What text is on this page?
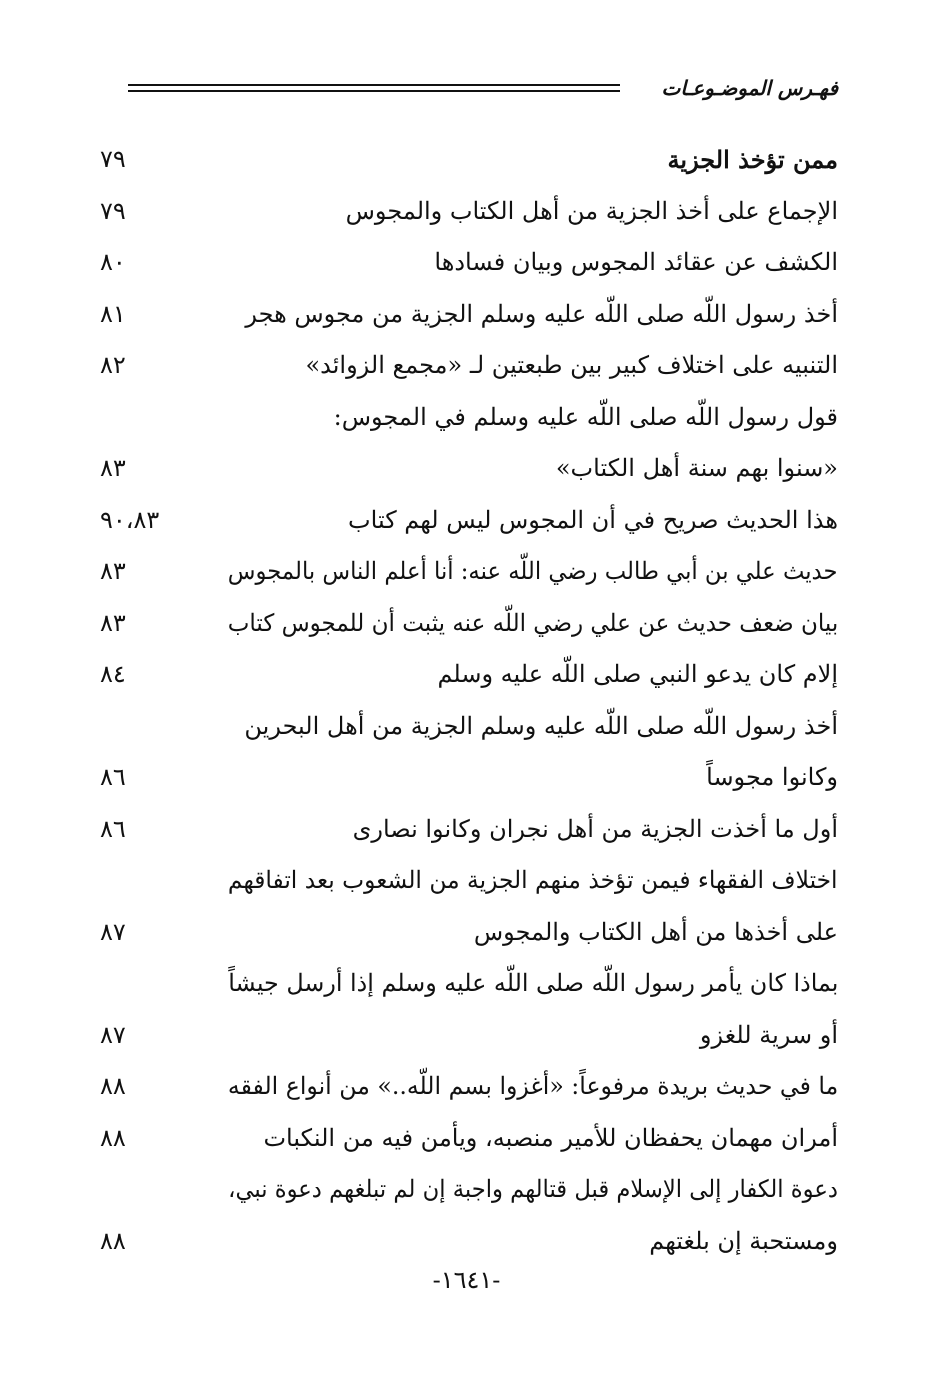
فهـرس الموضـوعـات
ممن تؤخذ الجزية
٧٩
الإجماع على أخذ الجزية من أهل الكتاب والمجوس
٧٩
الكشف عن عقائد المجوس وبيان فسادها
٨٠
أخذ رسول اللّه صلى اللّه عليه وسلم الجزية من مجوس هجر
٨١
التنبيه على اختلاف كبير بين طبعتين لـ «مجمع الزوائد»
٨٢
قول رسول اللّه صلى اللّه عليه وسلم في المجوس:
«سنوا بهم سنة أهل الكتاب»
٨٣
هذا الحديث صريح في أن المجوس ليس لهم كتاب
٩٠،٨٣
حديث علي بن أبي طالب رضي اللّه عنه: أنا أعلم الناس بالمجوس
٨٣
بيان ضعف حديث عن علي رضي اللّه عنه يثبت أن للمجوس كتاب
٨٣
إلام كان يدعو النبي صلى اللّه عليه وسلم
٨٤
أخذ رسول اللّه صلى اللّه عليه وسلم الجزية من أهل البحرين
وكانوا مجوساً
٨٦
أول ما أخذت الجزية من أهل نجران وكانوا نصارى
٨٦
اختلاف الفقهاء فيمن تؤخذ منهم الجزية من الشعوب بعد اتفاقهم
على أخذها من أهل الكتاب والمجوس
٨٧
بماذا كان يأمر رسول اللّه صلى اللّه عليه وسلم إذا أرسل جيشاً
أو سرية للغزو
٨٧
ما في حديث بريدة مرفوعاً: «أغزوا بسم اللّه..» من أنواع الفقه
٨٨
أمران مهمان يحفظان للأمير منصبه، ويأمن فيه من النكبات
٨٨
دعوة الكفار إلى الإسلام قبل قتالهم واجبة إن لم تبلغهم دعوة نبي،
ومستحبة إن بلغتهم
٨٨
-١٦٤١-
